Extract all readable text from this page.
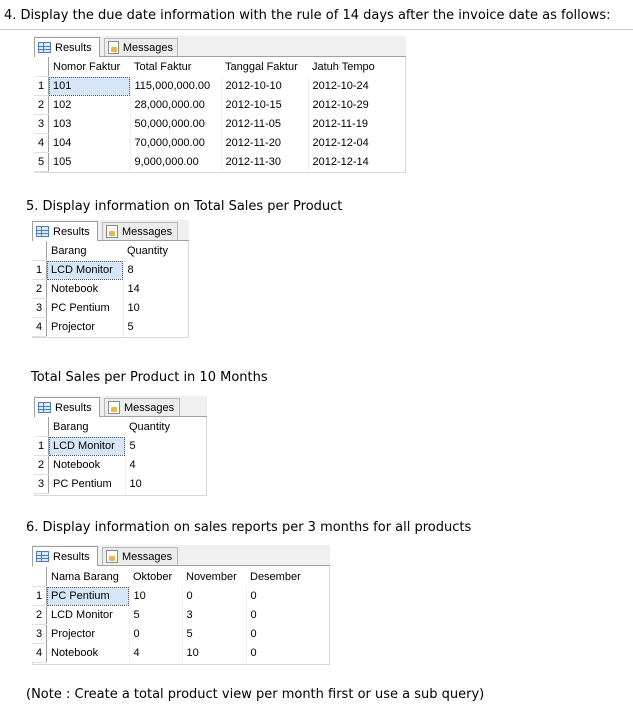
4. Display the due date information with the rule of 14 days after the invoice date as follows:
Results	Messages
	Nomor Faktur	Total Faktur	Tanggal Faktur	Jatuh Tempo
1	101	115,000,000.00	2012-10-10	2012-10-24
2	102	28,000,000.00	2012-10-15	2012-10-29
3	103	50,000,000.00	2012-11-05	2012-11-19
4	104	70,000,000.00	2012-11-20	2012-12-04
5	105	9,000,000.00	2012-11-30	2012-12-14
5. Display information on Total Sales per Product
Results	Messages
	Barang	Quantity
1	LCD Monitor	8
2	Notebook	14
3	PC Pentium	10
4	Projector	5
Total Sales per Product in 10 Months
Results	Messages
	Barang	Quantity
1	LCD Monitor	5
2	Notebook	4
3	PC Pentium	10
6. Display information on sales reports per 3 months for all products
Results	Messages
	Nama Barang	Oktober	November	Desember
1	PC Pentium	10	0	0
2	LCD Monitor	5	3	0
3	Projector	0	5	0
4	Notebook	4	10	0
(Note : Create a total product view per month first or use a sub query)
